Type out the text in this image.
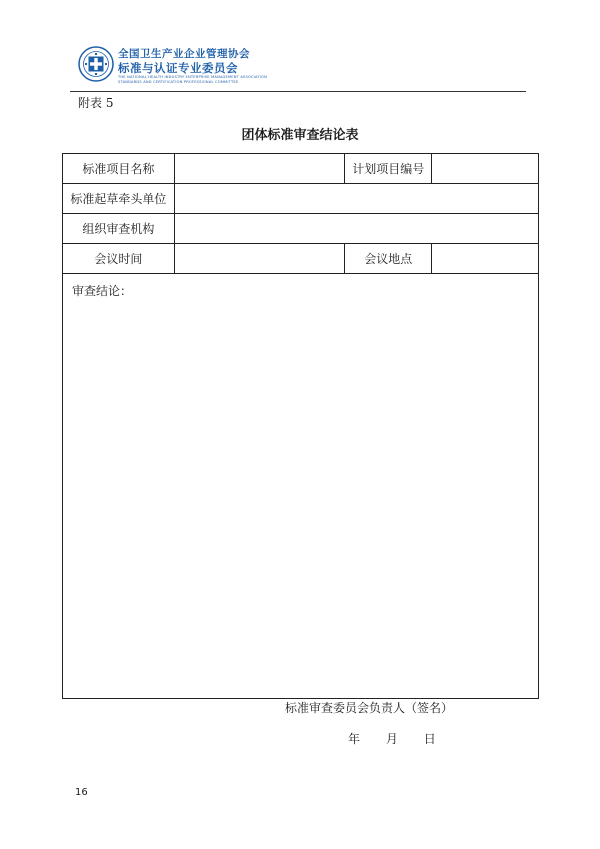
全国卫生产业企业管理协会
标准与认证专业委员会
THE NATIONAL HEALTH INDUSTRY ENTERPRISE MANAGEMENT ASSOCIATION
STANDARDS AND CERTIFICATION PROFESSIONAL COMMITTEE
附表 5
团体标准审查结论表
标准项目名称		计划项目编号	
标准起草牵头单位			
组织审查机构			
会议时间		会议地点	

审查结论：
标准审查委员会负责人（签名）
年 月 日			
16
